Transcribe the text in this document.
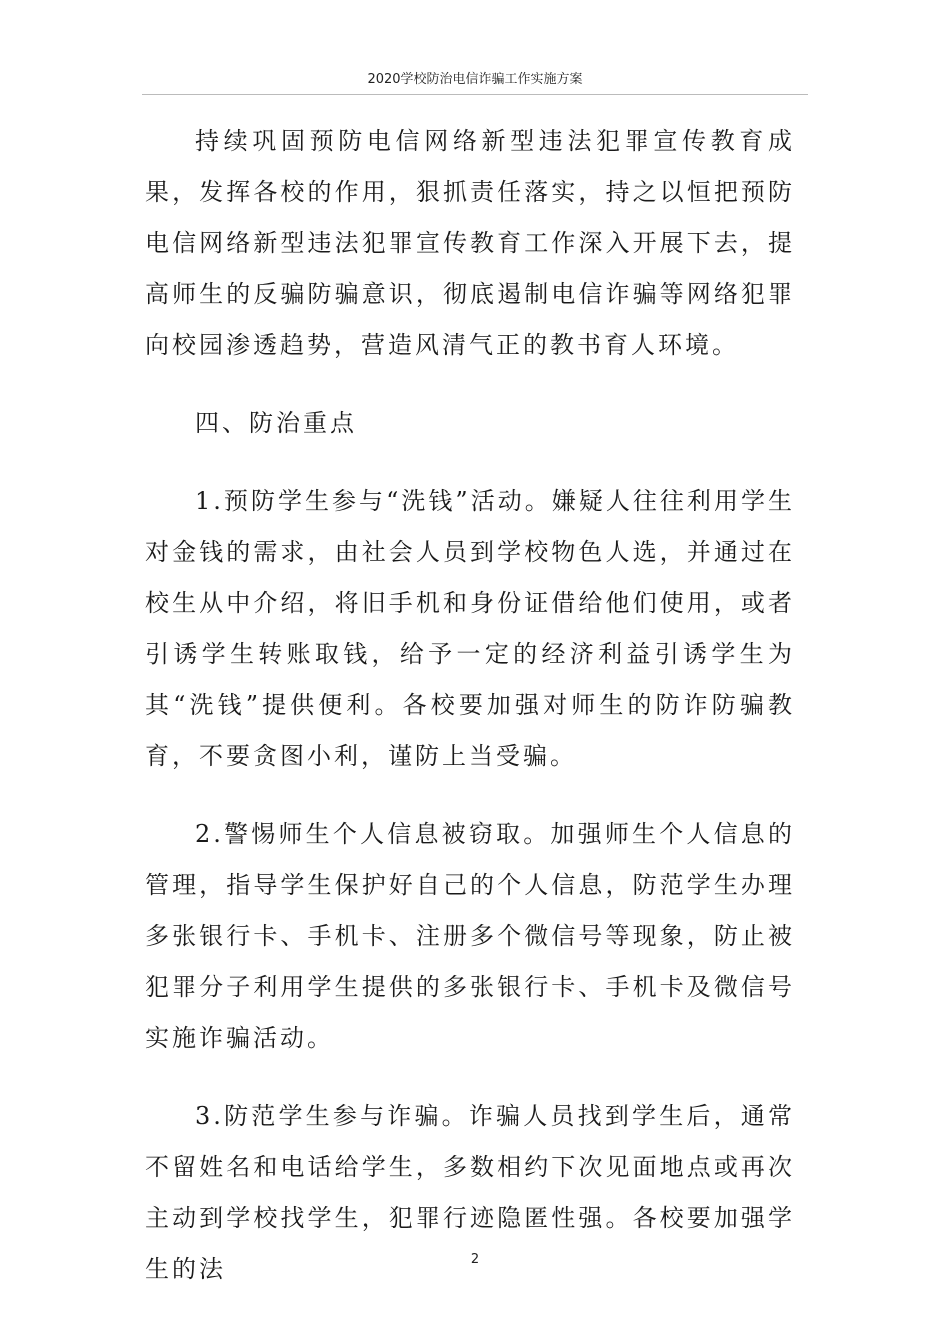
2020学校防治电信诈骗工作实施方案

持续巩固预防电信网络新型违法犯罪宣传教育成果，发挥各校的作用，狠抓责任落实，持之以恒把预防电信网络新型违法犯罪宣传教育工作深入开展下去，提高师生的反骗防骗意识，彻底遏制电信诈骗等网络犯罪向校园渗透趋势，营造风清气正的教书育人环境。

四、防治重点

1.预防学生参与“洗钱”活动。嫌疑人往往利用学生对金钱的需求，由社会人员到学校物色人选，并通过在校生从中介绍，将旧手机和身份证借给他们使用，或者引诱学生转账取钱，给予一定的经济利益引诱学生为其“洗钱”提供便利。各校要加强对师生的防诈防骗教育，不要贪图小利，谨防上当受骗。

2.警惕师生个人信息被窃取。加强师生个人信息的管理，指导学生保护好自己的个人信息，防范学生办理多张银行卡、手机卡、注册多个微信号等现象，防止被犯罪分子利用学生提供的多张银行卡、手机卡及微信号实施诈骗活动。

3.防范学生参与诈骗。诈骗人员找到学生后，通常不留姓名和电话给学生，多数相约下次见面地点或再次主动到学校找学生，犯罪行迹隐匿性强。各校要加强学生的法	2
